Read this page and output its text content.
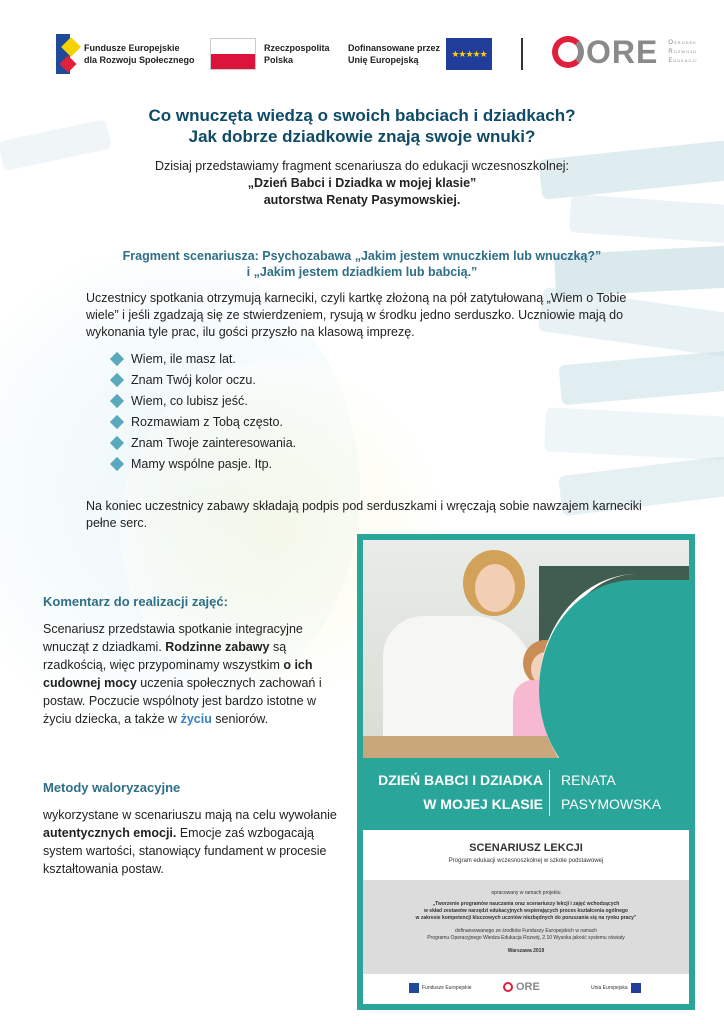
Fundusze Europejskie
dla Rozwoju Społecznego
Rzeczpospolita
Polska
Dofinansowane przez
Unię Europejską
★★★★★	ORE Ośrodek
Rozwoju
Edukacji
Co wnuczęta wiedzą o swoich babciach i dziadkach?
Jak dobrze dziadkowie znają swoje wnuki?
Dzisiaj przedstawiamy fragment scenariusza do edukacji wczesnoszkolnej:
„Dzień Babci i Dziadka w mojej klasie”
autorstwa Renaty Pasymowskiej.
Fragment scenariusza: Psychozabawa „Jakim jestem wnuczkiem lub wnuczką?”
i „Jakim jestem dziadkiem lub babcią.”
Uczestnicy spotkania otrzymują karneciki, czyli kartkę złożoną na pół zatytułowaną „Wiem o Tobie wiele” i jeśli zgadzają się ze stwierdzeniem, rysują w środku jedno serduszko. Uczniowie mają do wykonania tyle prac, ilu gości przyszło na klasową imprezę.
Wiem, ile masz lat.
Znam Twój kolor oczu.
Wiem, co lubisz jeść.
Rozmawiam z Tobą często.
Znam Twoje zainteresowania.
Mamy wspólne pasje. Itp.
Na koniec uczestnicy zabawy składają podpis pod serduszkami i wręczają sobie nawzajem karneciki pełne serc.
Komentarz do realizacji zajęć:
Scenariusz przedstawia spotkanie integracyjne wnucząt z dziadkami. Rodzinne zabawy są rzadkością, więc przypominamy wszystkim o ich cudownej mocy uczenia społecznych zachowań i postaw. Poczucie wspólnoty jest bardzo istotne w życiu dziecka, a także w życiu seniorów.
Metody waloryzacyjne
wykorzystane w scenariuszu mają na celu wywołanie autentycznych emocji. Emocje zaś wzbogacają system wartości, stanowiący fundament w procesie kształtowania postaw.
DZIEŃ BABCI I DZIADKA
W MOJEJ KLASIE
RENATA
PASYMOWSKA
SCENARIUSZ LEKCJI
Program edukacji wczesnoszkolnej w szkole podstawowej
opracowany w ramach projektu
„Tworzenie programów nauczania oraz scenariuszy lekcji i zajęć wchodzących
w skład zestawów narzędzi edukacyjnych wspierających proces kształcenia ogólnego
w zakresie kompetencji kluczowych uczniów niezbędnych do poruszania się na rynku pracy”
dofinansowanego ze środków Funduszy Europejskich w ramach
Programu Operacyjnego Wiedza Edukacja Rozwój, 2.10 Wysoka jakość systemu oświaty
Warszawa 2019
Fundusze Europejskie	ORE	Unia Europejska
